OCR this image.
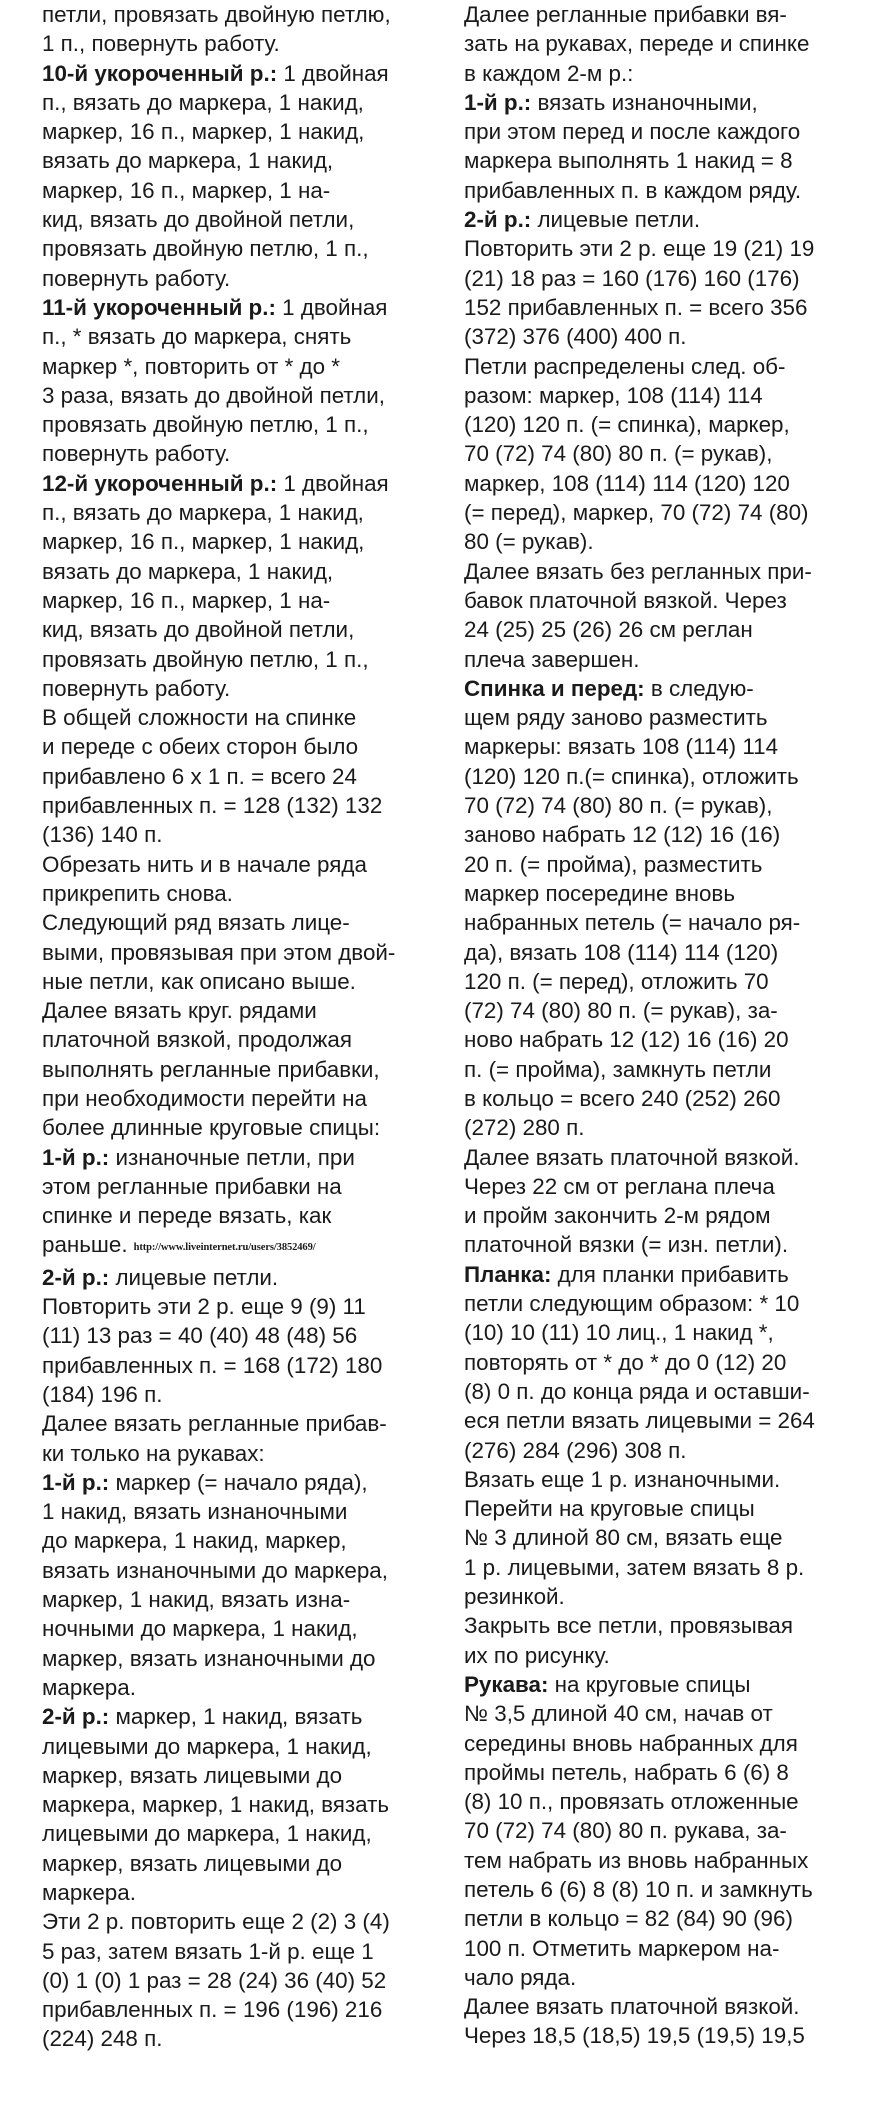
петли, провязать двойную петлю,
1 п., повернуть работу.
10-й укороченный р.: 1 двойная
п., вязать до маркера, 1 накид,
маркер, 16 п., маркер, 1 накид,
вязать до маркера, 1 накид,
маркер, 16 п., маркер, 1 на-
кид, вязать до двойной петли,
провязать двойную петлю, 1 п.,
повернуть работу.
11-й укороченный р.: 1 двойная
п., * вязать до маркера, снять
маркер *, повторить от * до *
3 раза, вязать до двойной петли,
провязать двойную петлю, 1 п.,
повернуть работу.
12-й укороченный р.: 1 двойная
п., вязать до маркера, 1 накид,
маркер, 16 п., маркер, 1 накид,
вязать до маркера, 1 накид,
маркер, 16 п., маркер, 1 на-
кид, вязать до двойной петли,
провязать двойную петлю, 1 п.,
повернуть работу.
В общей сложности на спинке
и переде с обеих сторон было
прибавлено 6 х 1 п. = всего 24
прибавленных п. = 128 (132) 132
(136) 140 п.
Обрезать нить и в начале ряда
прикрепить снова.
Следующий ряд вязать лице-
выми, провязывая при этом двой-
ные петли, как описано выше.
Далее вязать круг. рядами
платочной вязкой, продолжая
выполнять регланные прибавки,
при необходимости перейти на
более длинные круговые спицы:
1-й р.: изнаночные петли, при
этом регланные прибавки на
спинке и переде вязать, как
раньше. http://www.liveinternet.ru/users/3852469/
2-й р.: лицевые петли.
Повторить эти 2 р. еще 9 (9) 11
(11) 13 раз = 40 (40) 48 (48) 56
прибавленных п. = 168 (172) 180
(184) 196 п.
Далее вязать регланные прибав-
ки только на рукавах:
1-й р.: маркер (= начало ряда),
1 накид, вязать изнаночными
до маркера, 1 накид, маркер,
вязать изнаночными до маркера,
маркер, 1 накид, вязать изна-
ночными до маркера, 1 накид,
маркер, вязать изнаночными до
маркера.
2-й р.: маркер, 1 накид, вязать
лицевыми до маркера, 1 накид,
маркер, вязать лицевыми до
маркера, маркер, 1 накид, вязать
лицевыми до маркера, 1 накид,
маркер, вязать лицевыми до
маркера.
Эти 2 р. повторить еще 2 (2) 3 (4)
5 раз, затем вязать 1-й р. еще 1
(0) 1 (0) 1 раз = 28 (24) 36 (40) 52
прибавленных п. = 196 (196) 216
(224) 248 п.
Далее регланные прибавки вя-
зать на рукавах, переде и спинке
в каждом 2-м р.:
1-й р.: вязать изнаночными,
при этом перед и после каждого
маркера выполнять 1 накид = 8
прибавленных п. в каждом ряду.
2-й р.: лицевые петли.
Повторить эти 2 р. еще 19 (21) 19
(21) 18 раз = 160 (176) 160 (176)
152 прибавленных п. = всего 356
(372) 376 (400) 400 п.
Петли распределены след. об-
разом: маркер, 108 (114) 114
(120) 120 п. (= спинка), маркер,
70 (72) 74 (80) 80 п. (= рукав),
маркер, 108 (114) 114 (120) 120
(= перед), маркер, 70 (72) 74 (80)
80 (= рукав).
Далее вязать без регланных при-
бавок платочной вязкой. Через
24 (25) 25 (26) 26 см реглан
плеча завершен.
Спинка и перед: в следую-
щем ряду заново разместить
маркеры: вязать 108 (114) 114
(120) 120 п.(= спинка), отложить
70 (72) 74 (80) 80 п. (= рукав),
заново набрать 12 (12) 16 (16)
20 п. (= пройма), разместить
маркер посередине вновь
набранных петель (= начало ря-
да), вязать 108 (114) 114 (120)
120 п. (= перед), отложить 70
(72) 74 (80) 80 п. (= рукав), за-
ново набрать 12 (12) 16 (16) 20
п. (= пройма), замкнуть петли
в кольцо = всего 240 (252) 260
(272) 280 п.
Далее вязать платочной вязкой.
Через 22 см от реглана плеча
и пройм закончить 2-м рядом
платочной вязки (= изн. петли).
Планка: для планки прибавить
петли следующим образом: * 10
(10) 10 (11) 10 лиц., 1 накид *,
повторять от * до * до 0 (12) 20
(8) 0 п. до конца ряда и оставши-
еся петли вязать лицевыми = 264
(276) 284 (296) 308 п.
Вязать еще 1 р. изнаночными.
Перейти на круговые спицы
№ 3 длиной 80 см, вязать еще
1 р. лицевыми, затем вязать 8 р.
резинкой.
Закрыть все петли, провязывая
их по рисунку.
Рукава: на круговые спицы
№ 3,5 длиной 40 см, начав от
середины вновь набранных для
проймы петель, набрать 6 (6) 8
(8) 10 п., провязать отложенные
70 (72) 74 (80) 80 п. рукава, за-
тем набрать из вновь набранных
петель 6 (6) 8 (8) 10 п. и замкнуть
петли в кольцо = 82 (84) 90 (96)
100 п. Отметить маркером на-
чало ряда.
Далее вязать платочной вязкой.
Через 18,5 (18,5) 19,5 (19,5) 19,5
